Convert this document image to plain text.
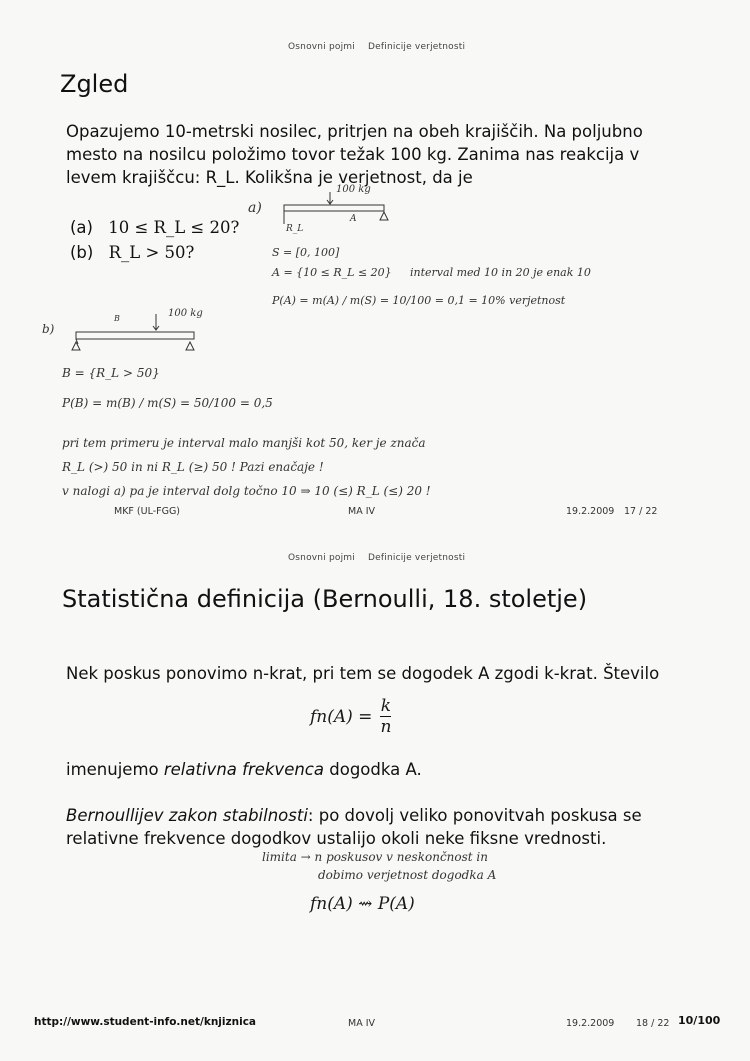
Osnovni pojmi Definicije verjetnosti
Zgled
Opazujemo 10-metrski nosilec, pritrjen na obeh krajiščih. Na poljubno mesto na nosilcu položimo tovor težak 100 kg. Zanima nas reakcija v levem krajiščcu: R_L. Kolikšna je verjetnost, da je
(a) 10 ≤ R_L ≤ 20?
(b) R_L > 50?
a)
100 kg
A
R_L
S = [0, 100]
A = {10 ≤ R_L ≤ 20} interval med 10 in 20 je enak 10
P(A) = m(A) / m(S) = 10/100 = 0,1 = 10% verjetnost
b)
100 kg
B
B = {R_L > 50}
P(B) = m(B) / m(S) = 50/100 = 0,5
pri tem primeru je interval malo manjši kot 50, ker je znača
R_L (>) 50 in ni R_L (≥) 50 ! Pazi enačaje !
v nalogi a) pa je interval dolg točno 10 ⇒ 10 (≤) R_L (≤) 20 !
MKF (UL-FGG)	MA IV	19.2.2009 17 / 22
Osnovni pojmi Definicije verjetnosti
Statistična definicija (Bernoulli, 18. stoletje)
Nek poskus ponovimo n-krat, pri tem se dogodek A zgodi k-krat. Število
$fn(A) = \frac{k}{n}$
imenujemo relativna frekvenca dogodka A.
Bernoullijev zakon stabilnosti: po dovolj veliko ponovitvah poskusa se relativne frekvence dogodkov ustalijo okoli neke fiksne vrednosti.
limita → n poskusov v neskončnost in
dobimo verjetnost dogodka A
fn(A) ⇝ P(A)
http://www.student-info.net/knjiznica	MA IV	19.2.2009 18 / 22 10/100
